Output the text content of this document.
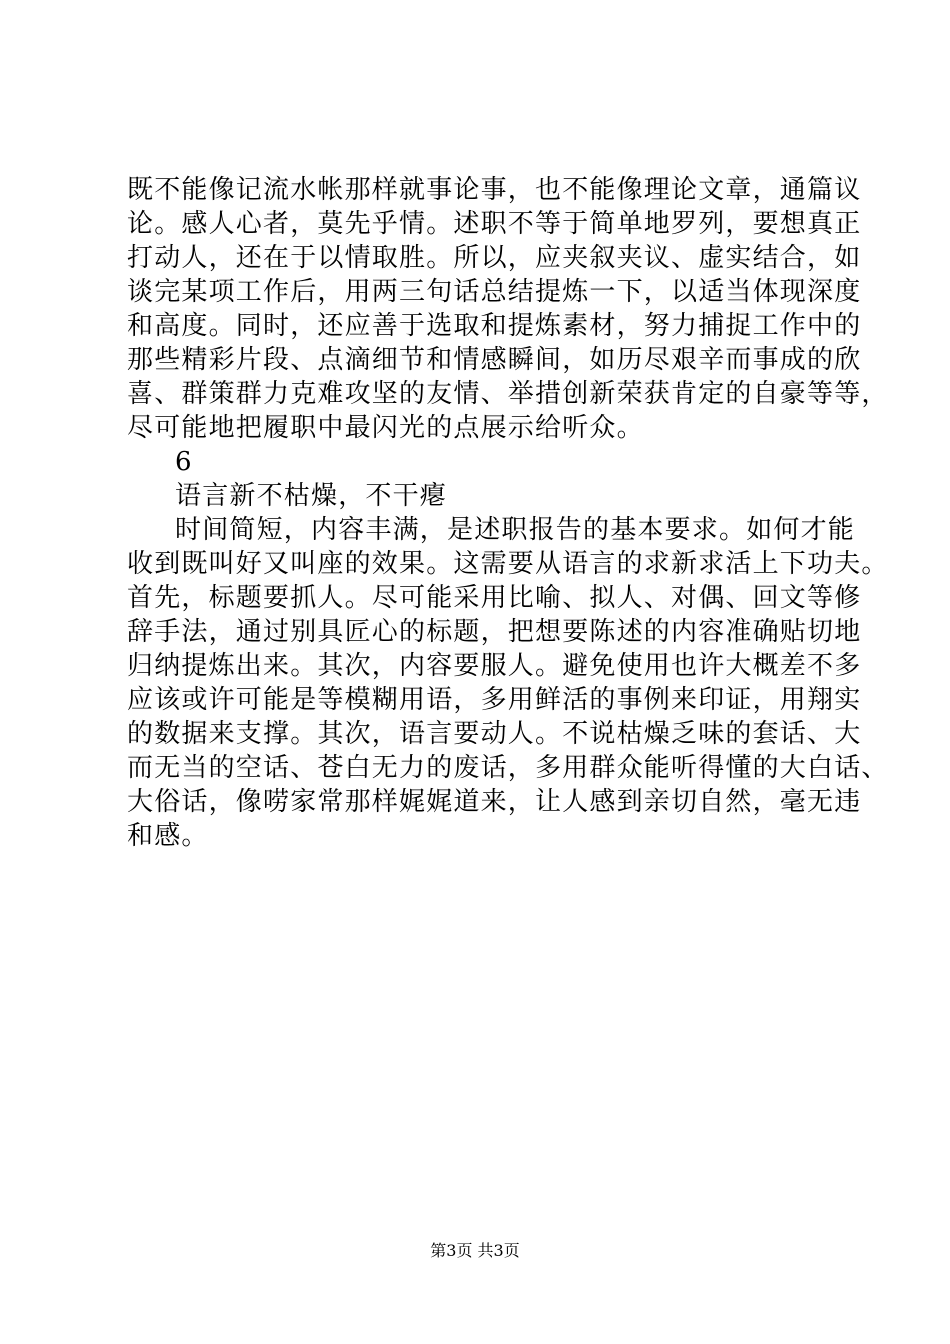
既不能像记流水帐那样就事论事，也不能像理论文章，通篇议
论。感人心者，莫先乎情。述职不等于简单地罗列，要想真正
打动人，还在于以情取胜。所以，应夹叙夹议、虚实结合，如
谈完某项工作后，用两三句话总结提炼一下，以适当体现深度
和高度。同时，还应善于选取和提炼素材，努力捕捉工作中的
那些精彩片段、点滴细节和情感瞬间，如历尽艰辛而事成的欣
喜、群策群力克难攻坚的友情、举措创新荣获肯定的自豪等等，
尽可能地把履职中最闪光的点展示给听众。
6
语言新不枯燥，不干瘪
时间简短，内容丰满，是述职报告的基本要求。如何才能
收到既叫好又叫座的效果。这需要从语言的求新求活上下功夫。
首先，标题要抓人。尽可能采用比喻、拟人、对偶、回文等修
辞手法，通过别具匠心的标题，把想要陈述的内容准确贴切地
归纳提炼出来。其次，内容要服人。避免使用也许大概差不多
应该或许可能是等模糊用语，多用鲜活的事例来印证，用翔实
的数据来支撑。其次，语言要动人。不说枯燥乏味的套话、大
而无当的空话、苍白无力的废话，多用群众能听得懂的大白话、
大俗话，像唠家常那样娓娓道来，让人感到亲切自然，毫无违
和感。
第3页 共3页
